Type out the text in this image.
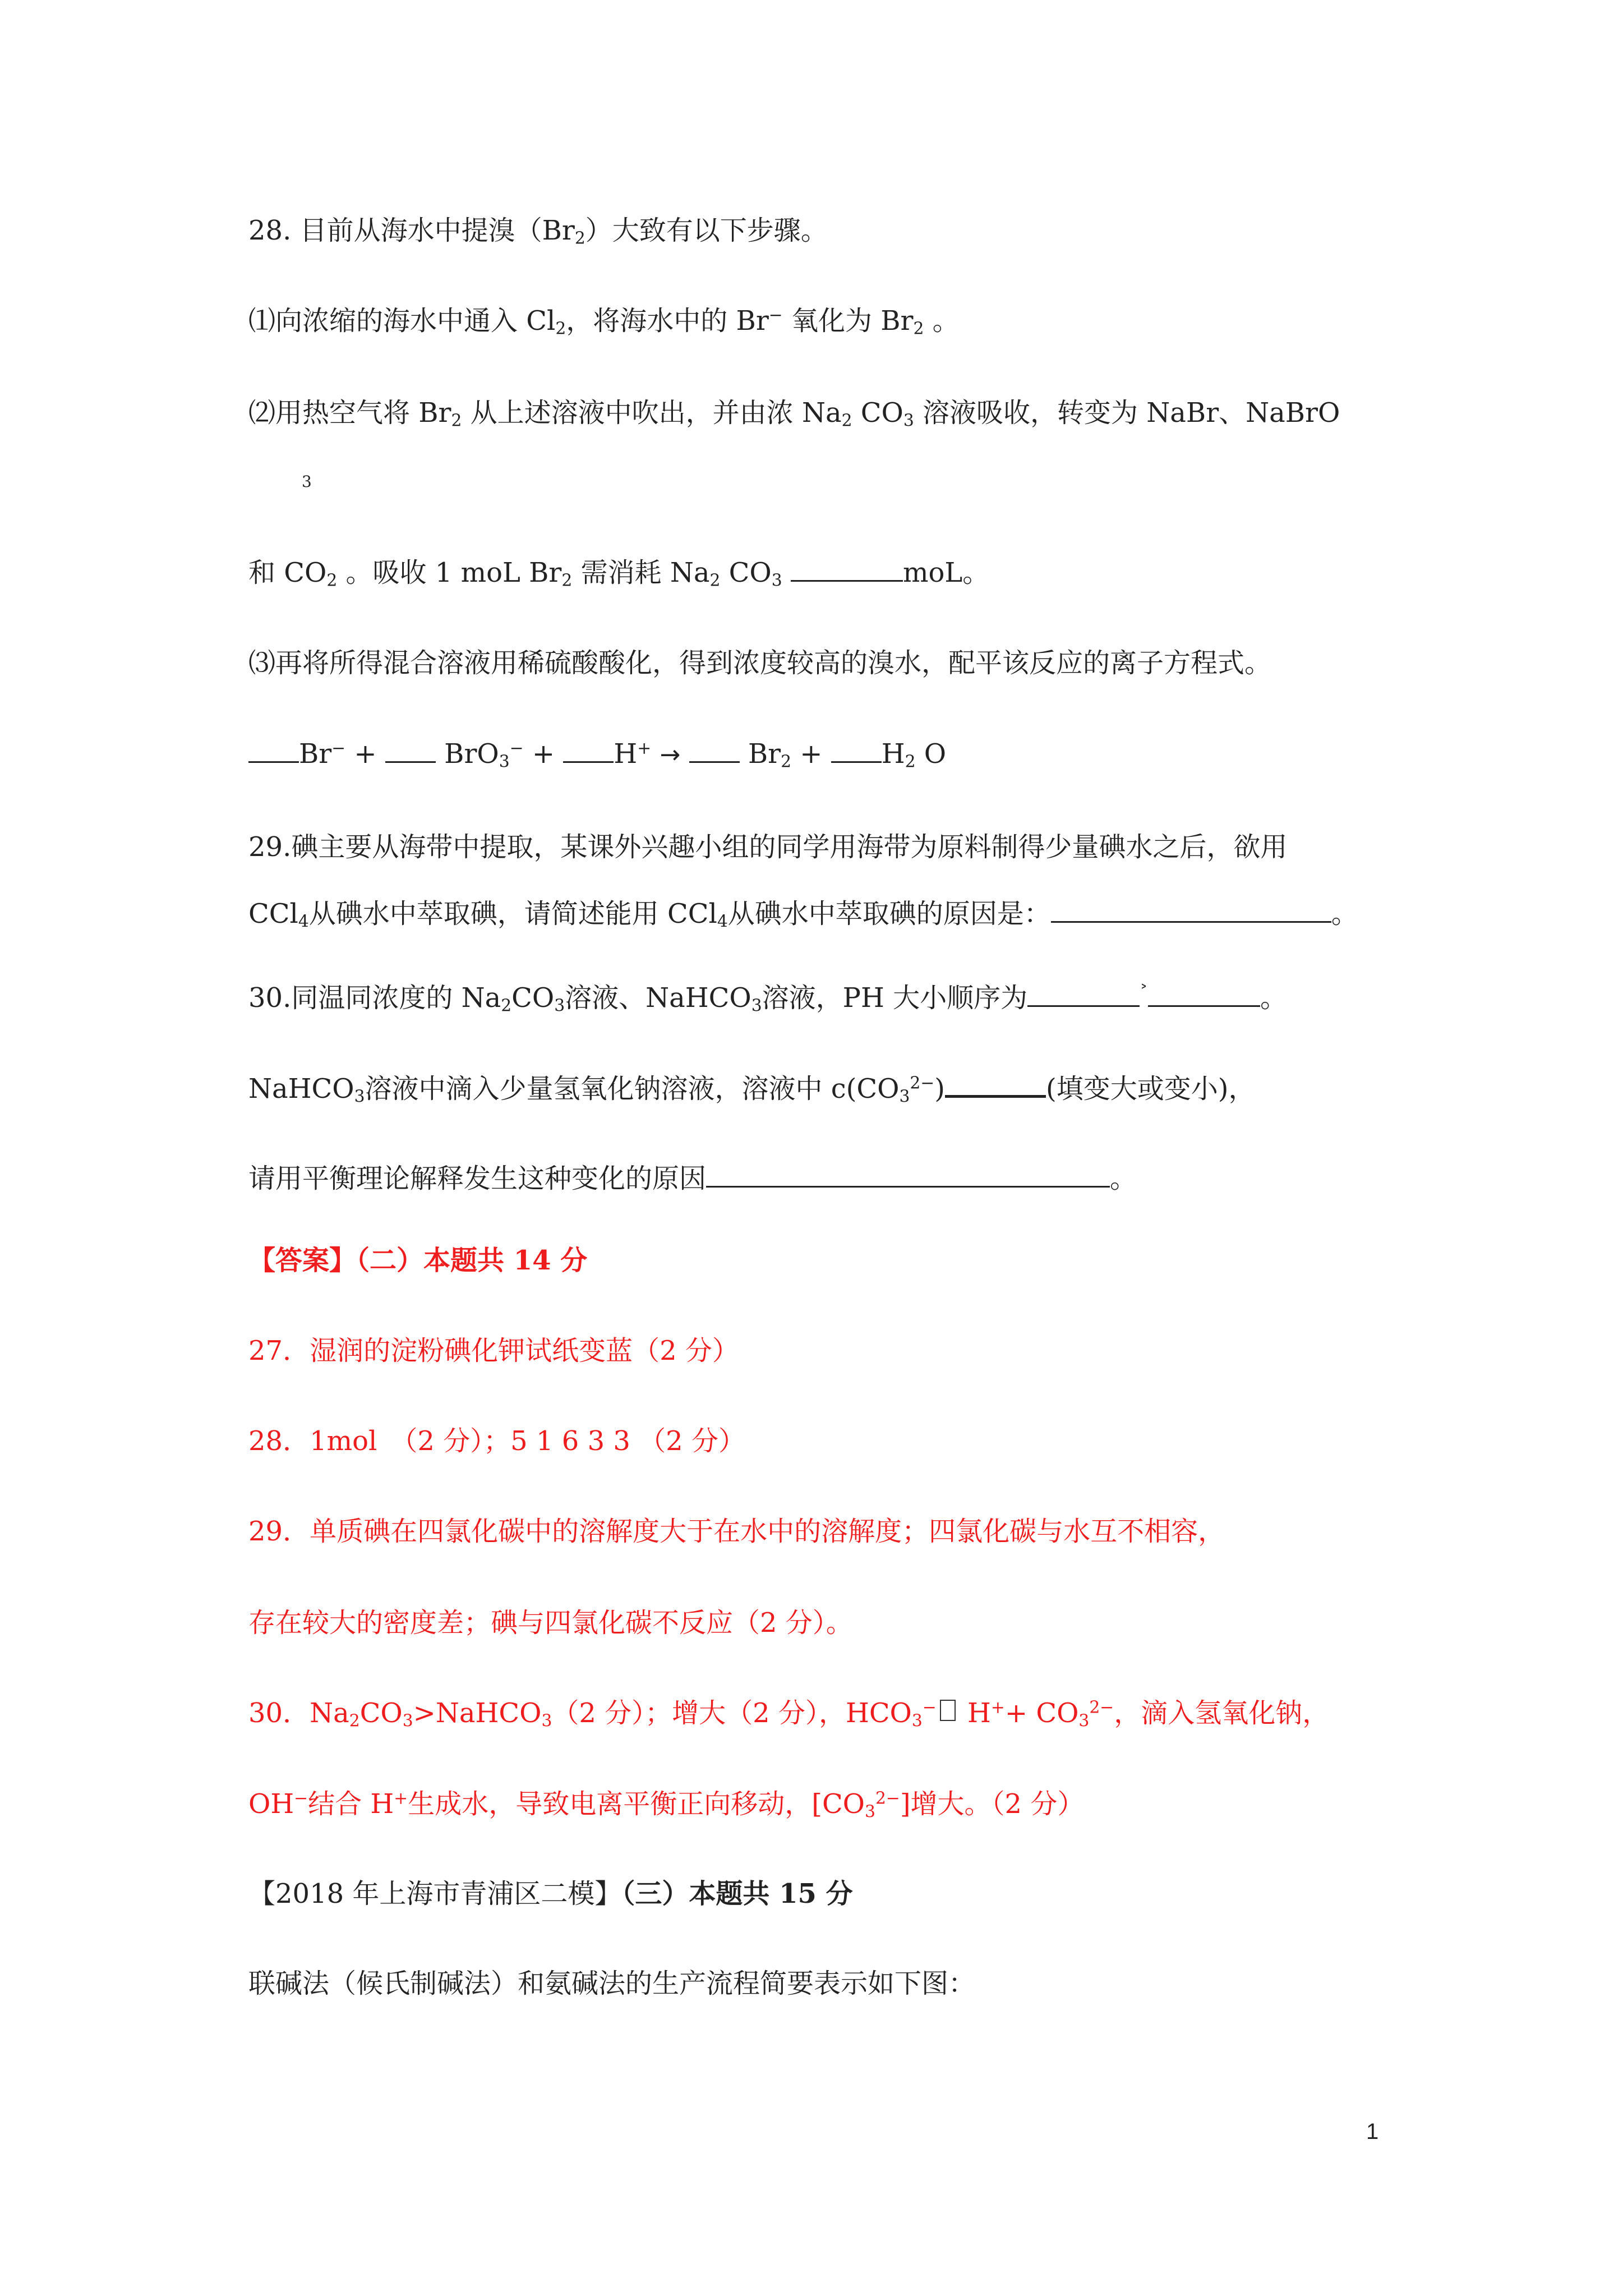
28. 目前从海水中提溴$(Br_2)$大致有以下步骤。
⑴向浓缩的海水中通入 $Cl_2$，将海水中的 Br− 氧化为 $Br_2$ 。
⑵用热空气将 $Br_2$ 从上述溶液中吹出，并由浓 $Na_2$ $CO_3$ 溶液吸收，转变为 NaBr、NaBrO
3
和 $CO_2$ 。吸收 1 moL $Br_2$ 需消耗 $Na_2$ $CO_3$	moL。
⑶再将所得混合溶液用稀硫酸酸化，得到浓度较高的溴水，配平该反应的离子方程式。
Br− +	$BrO_3^- + H^+ \to Br_2 + H_2$ O
29.碘主要从海带中提取，某课外兴趣小组的同学用海带为原料制得少量碘水之后，欲用
CCl$_4$从碘水中萃取碘，请简述能用 CCl$_4$从碘水中萃取碘的原因是：	。
30.同温同浓度的 $Na_2CO_3$溶液、NaHCO$_3$溶液，PH 大小顺序为	˃	。
NaHCO$_3$溶液中滴入少量氢氧化钠溶液，溶液中 $c(CO_3^{2-})$	(填变大或变小)，
请用平衡理论解释发生这种变化的原因	。
【答案】（二）本题共 14 分
27．湿润的淀粉碘化钾试纸变蓝（2 分）
28．1mol　（2 分）；5 1 6 3 3 （2 分）
29．单质碘在四氯化碳中的溶解度大于在水中的溶解度；四氯化碳与水互不相容，
存在较大的密度差；碘与四氯化碳不反应（2 分）。
30．$Na_2CO_3>NaHCO_3(2$ 分）；增大（2 分），$HCO_3^-$ $H^++ CO_3^{2-}$，滴入氢氧化钠，
OH−结合 H+生成水，导致电离平衡正向移动，$[CO_3^{2-}]$增大。（2 分）
【2018 年上海市青浦区二模】（三）本题共 15 分
联碱法（候氏制碱法）和氨碱法的生产流程简要表示如下图：
1
